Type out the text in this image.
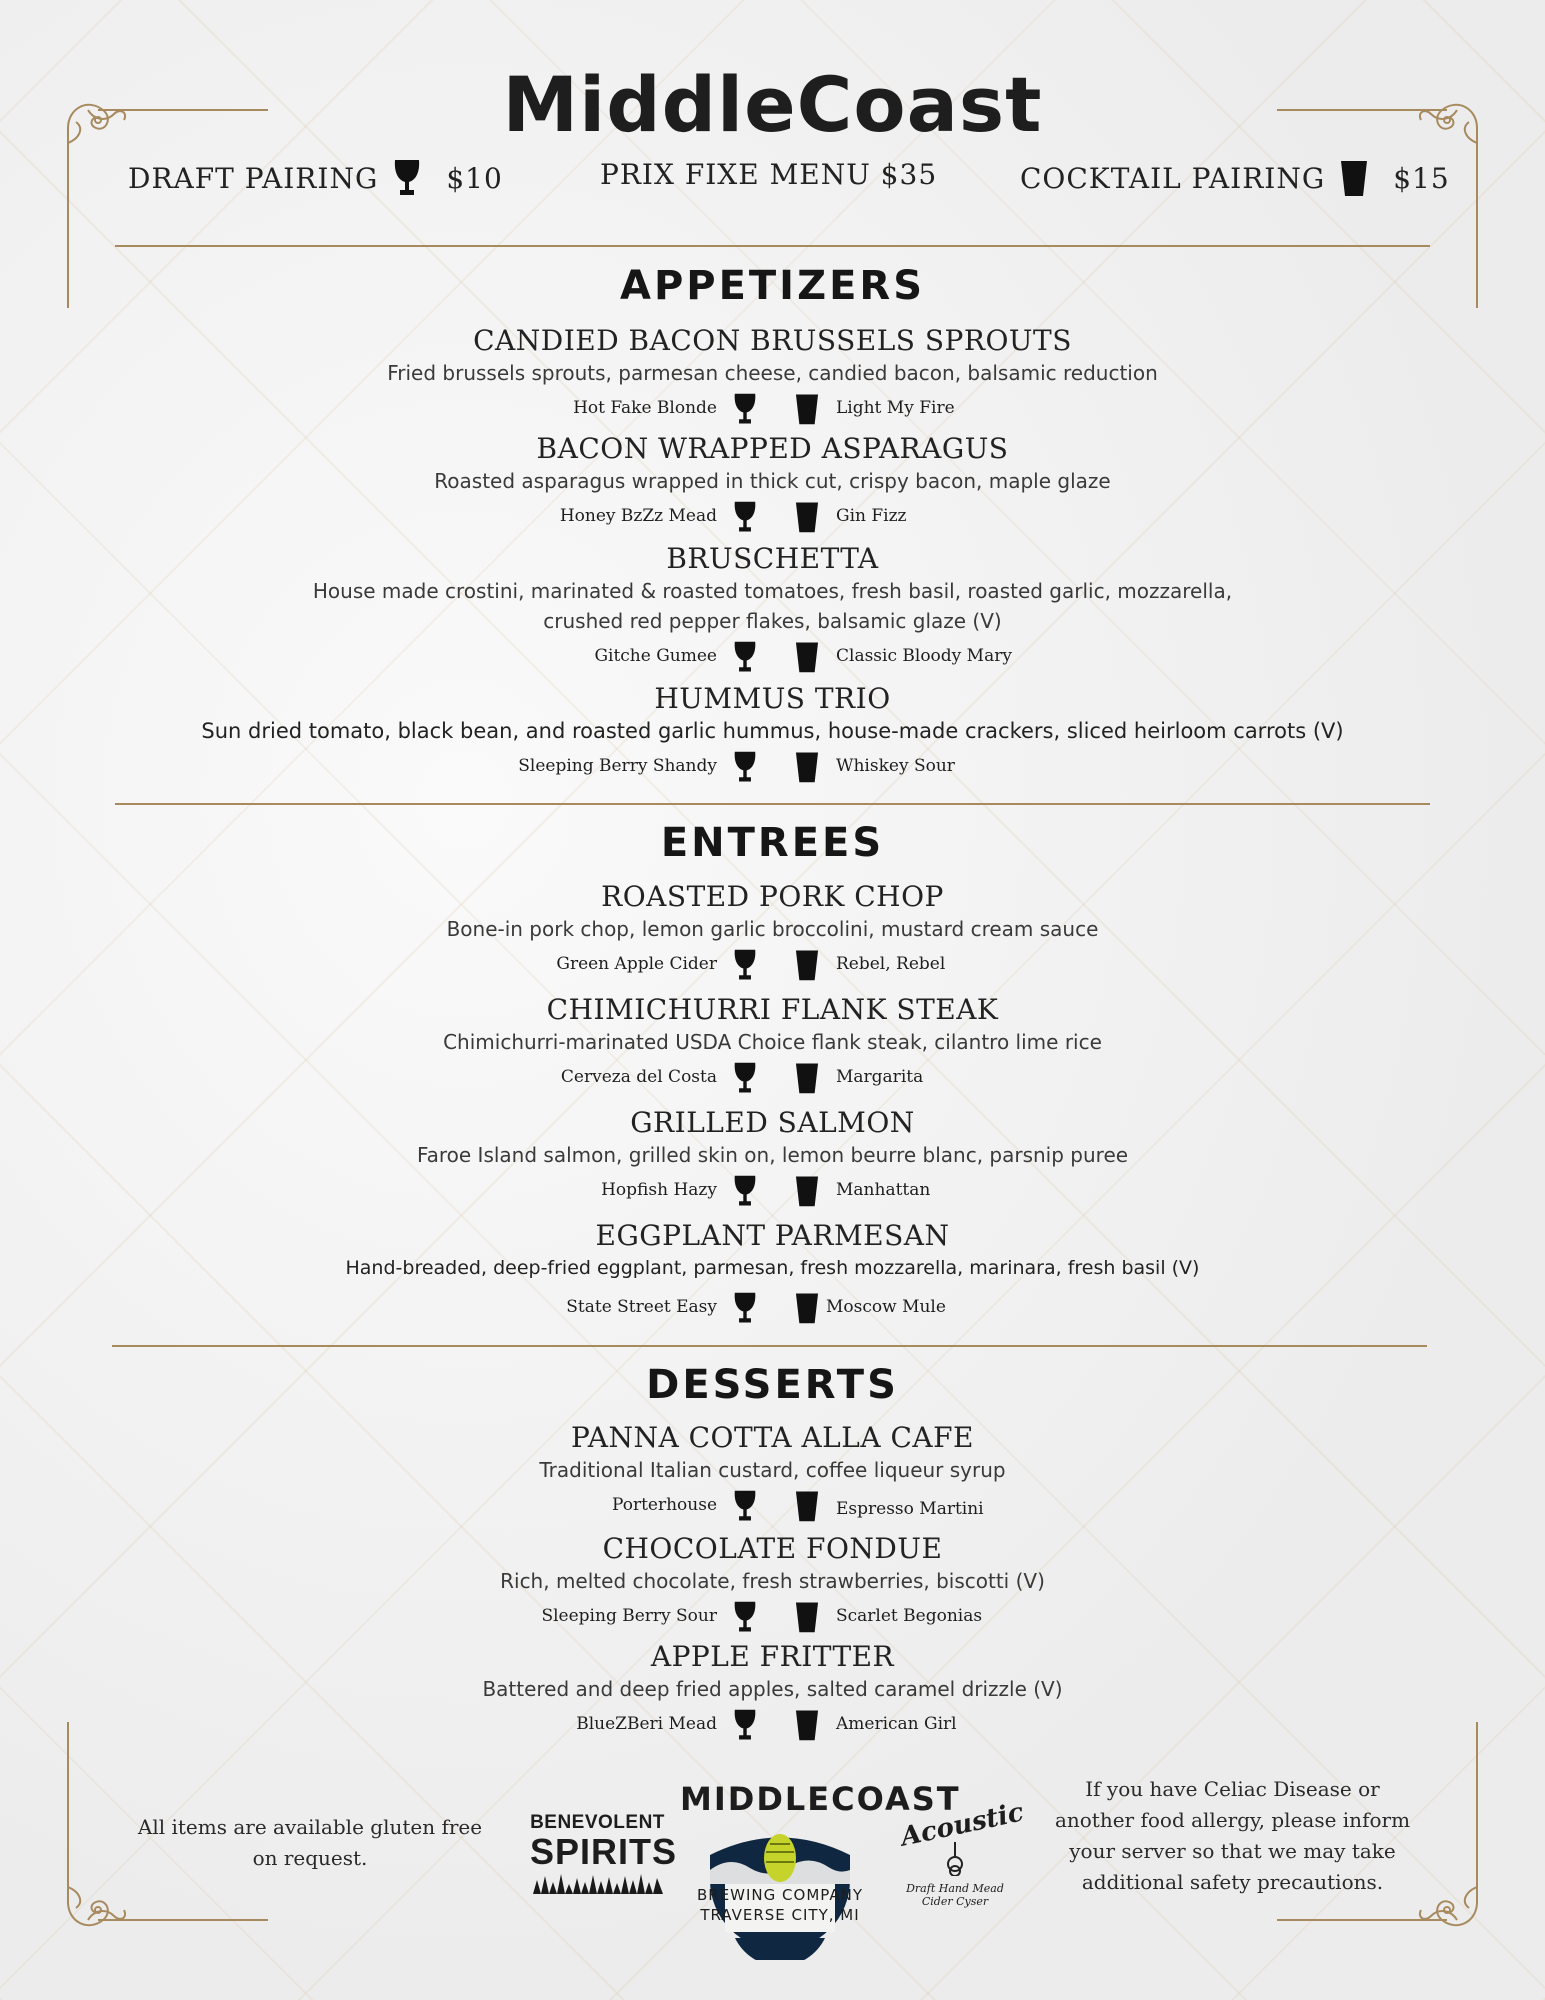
MiddleCoast
DRAFT PAIRING $10	PRIX FIXE MENU $35	COCKTAIL PAIRING $15
APPETIZERS
CANDIED BACON BRUSSELS SPROUTS
Fried brussels sprouts, parmesan cheese, candied bacon, balsamic reduction
Hot Fake Blonde	Light My Fire
BACON WRAPPED ASPARAGUS
Roasted asparagus wrapped in thick cut, crispy bacon, maple glaze
Honey BzZz Mead	Gin Fizz
BRUSCHETTA
House made crostini, marinated & roasted tomatoes, fresh basil, roasted garlic, mozzarella,
crushed red pepper flakes, balsamic glaze (V)
Gitche Gumee	Classic Bloody Mary
HUMMUS TRIO
Sun dried tomato, black bean, and roasted garlic hummus, house-made crackers, sliced heirloom carrots (V)
Sleeping Berry Shandy	Whiskey Sour
ENTREES
ROASTED PORK CHOP
Bone-in pork chop, lemon garlic broccolini, mustard cream sauce
Green Apple Cider	Rebel, Rebel
CHIMICHURRI FLANK STEAK
Chimichurri-marinated USDA Choice flank steak, cilantro lime rice
Cerveza del Costa	Margarita
GRILLED SALMON
Faroe Island salmon, grilled skin on, lemon beurre blanc, parsnip puree
Hopfish Hazy	Manhattan
EGGPLANT PARMESAN
Hand-breaded, deep-fried eggplant, parmesan, fresh mozzarella, marinara, fresh basil (V)
State Street Easy	Moscow Mule
DESSERTS
PANNA COTTA ALLA CAFE
Traditional Italian custard, coffee liqueur syrup
Porterhouse	Espresso Martini
CHOCOLATE FONDUE
Rich, melted chocolate, fresh strawberries, biscotti (V)
Sleeping Berry Sour	Scarlet Begonias
APPLE FRITTER
Battered and deep fried apples, salted caramel drizzle (V)
BlueZBeri Mead	American Girl
All items are available gluten free
on request.
BENEVOLENT
SPIRITS
MIDDLECOAST
BREWING COMPANY
TRAVERSE CITY, MI
Acoustic
Draft Hand Mead Cider Cyser
If you have Celiac Disease or
another food allergy, please inform
your server so that we may take
additional safety precautions.
